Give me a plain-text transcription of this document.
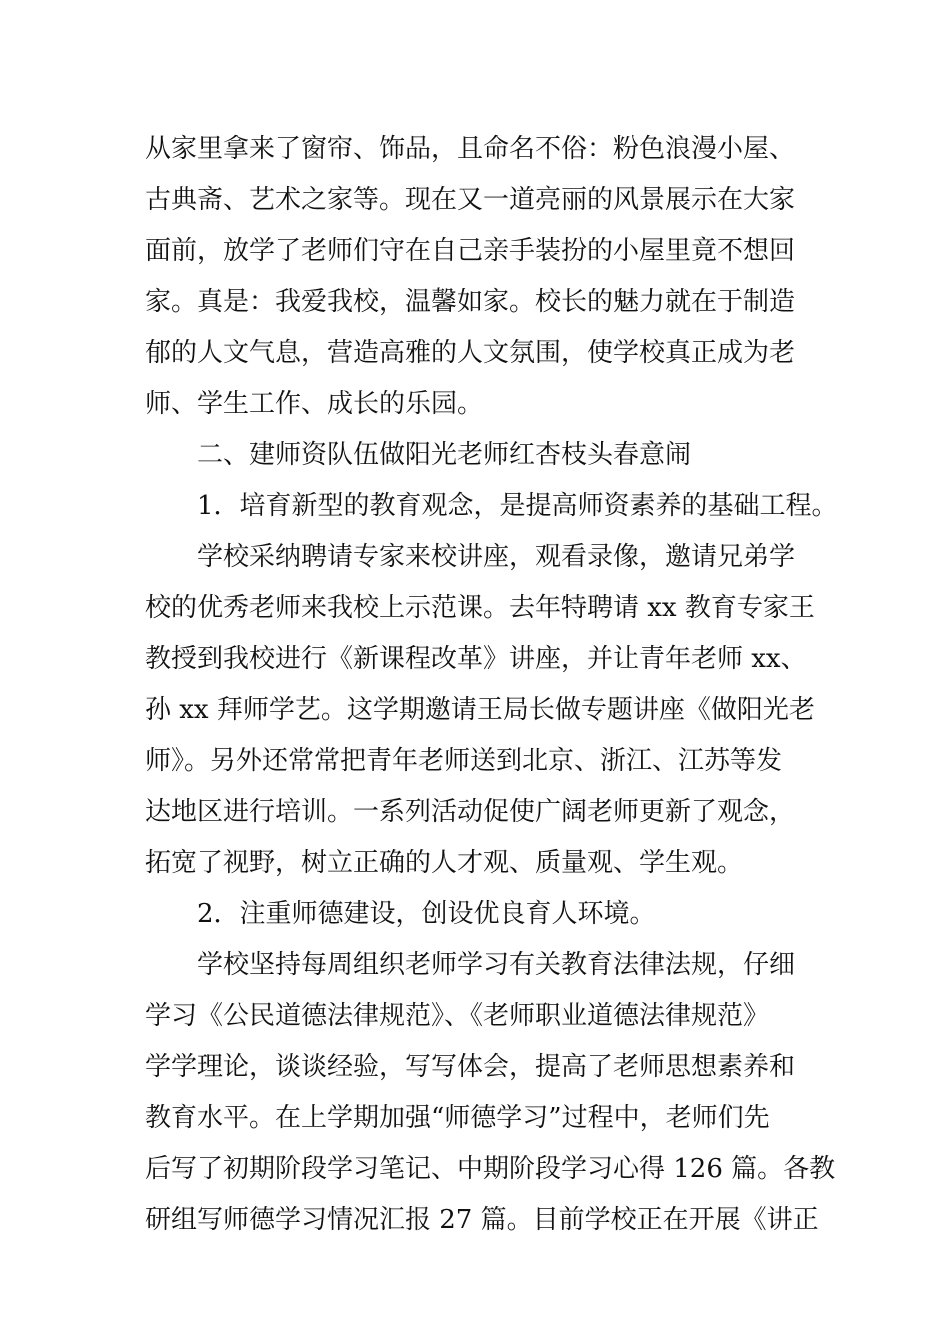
从家里拿来了窗帘、饰品，且命名不俗：粉色浪漫小屋、
古典斋、艺术之家等。现在又一道亮丽的风景展示在大家
面前，放学了老师们守在自己亲手装扮的小屋里竟不想回
家。真是：我爱我校，温馨如家。校长的魅力就在于制造
郁的人文气息，营造高雅的人文氛围，使学校真正成为老
师、学生工作、成长的乐园。
二、建师资队伍做阳光老师红杏枝头春意闹
1．培育新型的教育观念，是提高师资素养的基础工程。
学校采纳聘请专家来校讲座，观看录像，邀请兄弟学
校的优秀老师来我校上示范课。去年特聘请 xx 教育专家王
教授到我校进行《新课程改革》讲座，并让青年老师 xx、
孙 xx 拜师学艺。这学期邀请王局长做专题讲座《做阳光老
师》。另外还常常把青年老师送到北京、浙江、江苏等发
达地区进行培训。一系列活动促使广阔老师更新了观念，
拓宽了视野，树立正确的人才观、质量观、学生观。
2．注重师德建设，创设优良育人环境。
学校坚持每周组织老师学习有关教育法律法规，仔细
学习《公民道德法律规范》、《老师职业道德法律规范》
学学理论，谈谈经验，写写体会，提高了老师思想素养和
教育水平。在上学期加强“师德学习”过程中，老师们先
后写了初期阶段学习笔记、中期阶段学习心得 126 篇。各教
研组写师德学习情况汇报 27 篇。目前学校正在开展《讲正
